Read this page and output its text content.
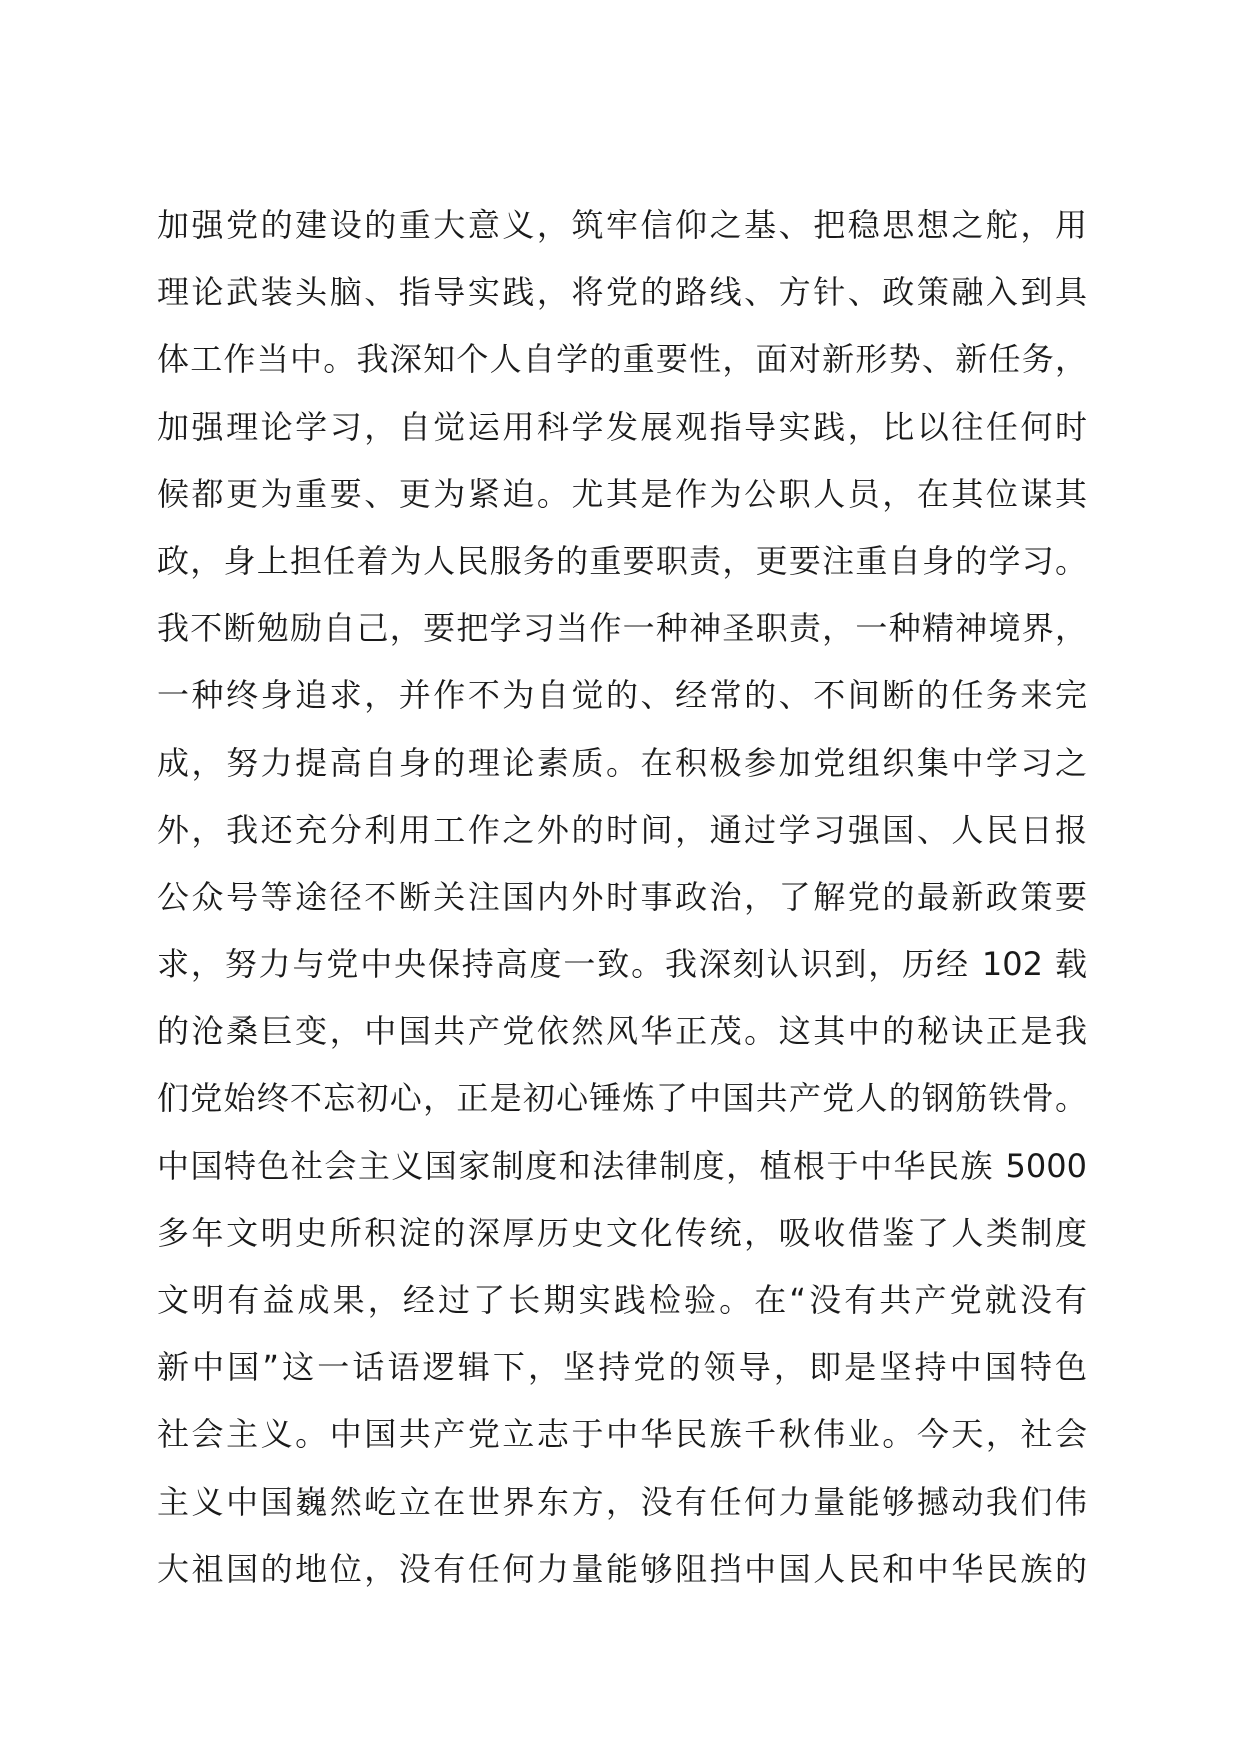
加强党的建设的重大意义，筑牢信仰之基、把稳思想之舵，用
理论武装头脑、指导实践，将党的路线、方针、政策融入到具
体工作当中。我深知个人自学的重要性，面对新形势、新任务，
加强理论学习，自觉运用科学发展观指导实践，比以往任何时
候都更为重要、更为紧迫。尤其是作为公职人员，在其位谋其
政，身上担任着为人民服务的重要职责，更要注重自身的学习。
我不断勉励自己，要把学习当作一种神圣职责，一种精神境界，
一种终身追求，并作不为自觉的、经常的、不间断的任务来完
成，努力提高自身的理论素质。在积极参加党组织集中学习之
外，我还充分利用工作之外的时间，通过学习强国、人民日报
公众号等途径不断关注国内外时事政治，了解党的最新政策要
求，努力与党中央保持高度一致。我深刻认识到，历经 102 载
的沧桑巨变，中国共产党依然风华正茂。这其中的秘诀正是我
们党始终不忘初心，正是初心锤炼了中国共产党人的钢筋铁骨。
中国特色社会主义国家制度和法律制度，植根于中华民族 5000
多年文明史所积淀的深厚历史文化传统，吸收借鉴了人类制度
文明有益成果，经过了长期实践检验。在“没有共产党就没有
新中国”这一话语逻辑下，坚持党的领导，即是坚持中国特色
社会主义。中国共产党立志于中华民族千秋伟业。今天，社会
主义中国巍然屹立在世界东方，没有任何力量能够撼动我们伟
大祖国的地位，没有任何力量能够阻挡中国人民和中华民族的
